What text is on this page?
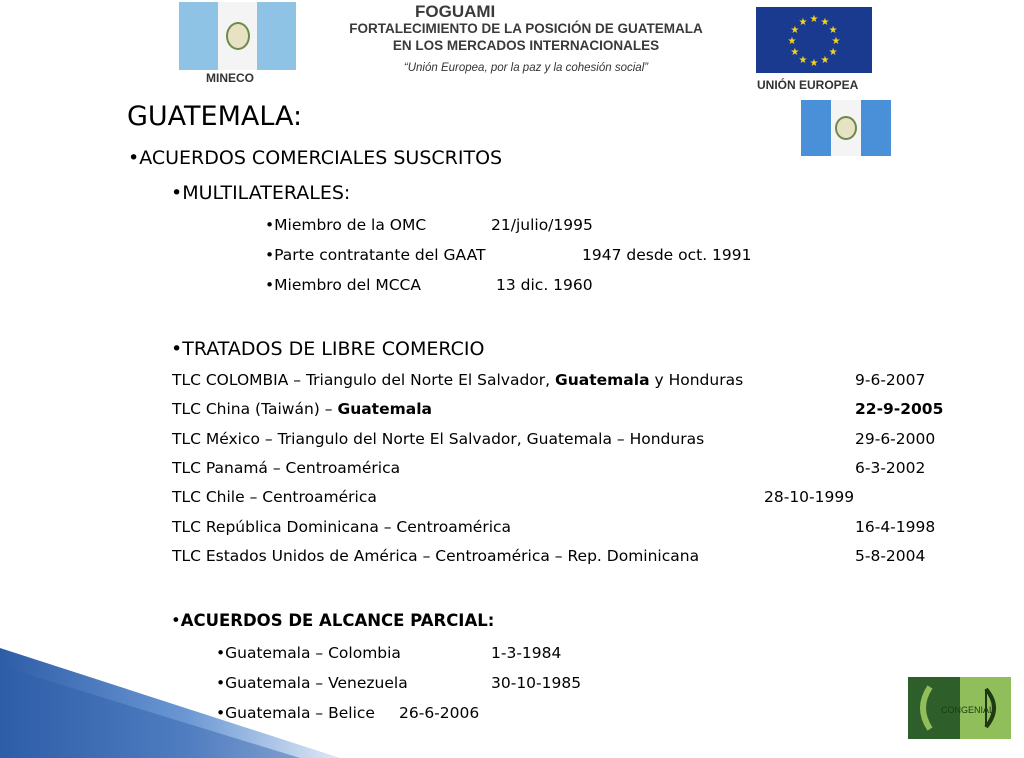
MINECO
FOGUAMI
FORTALECIMIENTO DE LA POSICIÓN DE GUATEMALA
EN LOS MERCADOS INTERNACIONALES
“Unión Europea, por la paz y la cohesión social”
★ ★
★
★
★
★
★
★
★
★
★
★
UNIÓN EUROPEA
GUATEMALA:
•ACUERDOS COMERCIALES SUSCRITOS
•MULTILATERALES:
•Miembro de la OMC	21/julio/1995
•Parte contratante del GAAT	1947 desde oct. 1991
•Miembro del MCCA	13 dic. 1960
•TRATADOS DE LIBRE COMERCIO
TLC COLOMBIA – Triangulo del Norte El Salvador, Guatemala y Honduras	9-6-2007
TLC China (Taiwán) – Guatemala	22-9-2005
TLC México – Triangulo del Norte El Salvador, Guatemala – Honduras	29-6-2000
TLC Panamá – Centroamérica	6-3-2002
TLC Chile – Centroamérica	28-10-1999
TLC República Dominicana – Centroamérica	16-4-1998
TLC Estados Unidos de América – Centroamérica – Rep. Dominicana	5-8-2004
•ACUERDOS DE ALCANCE PARCIAL:
•Guatemala – Colombia	1-3-1984
•Guatemala – Venezuela	30-10-1985
•Guatemala – Belice 26-6-2006	CONGENIAL
